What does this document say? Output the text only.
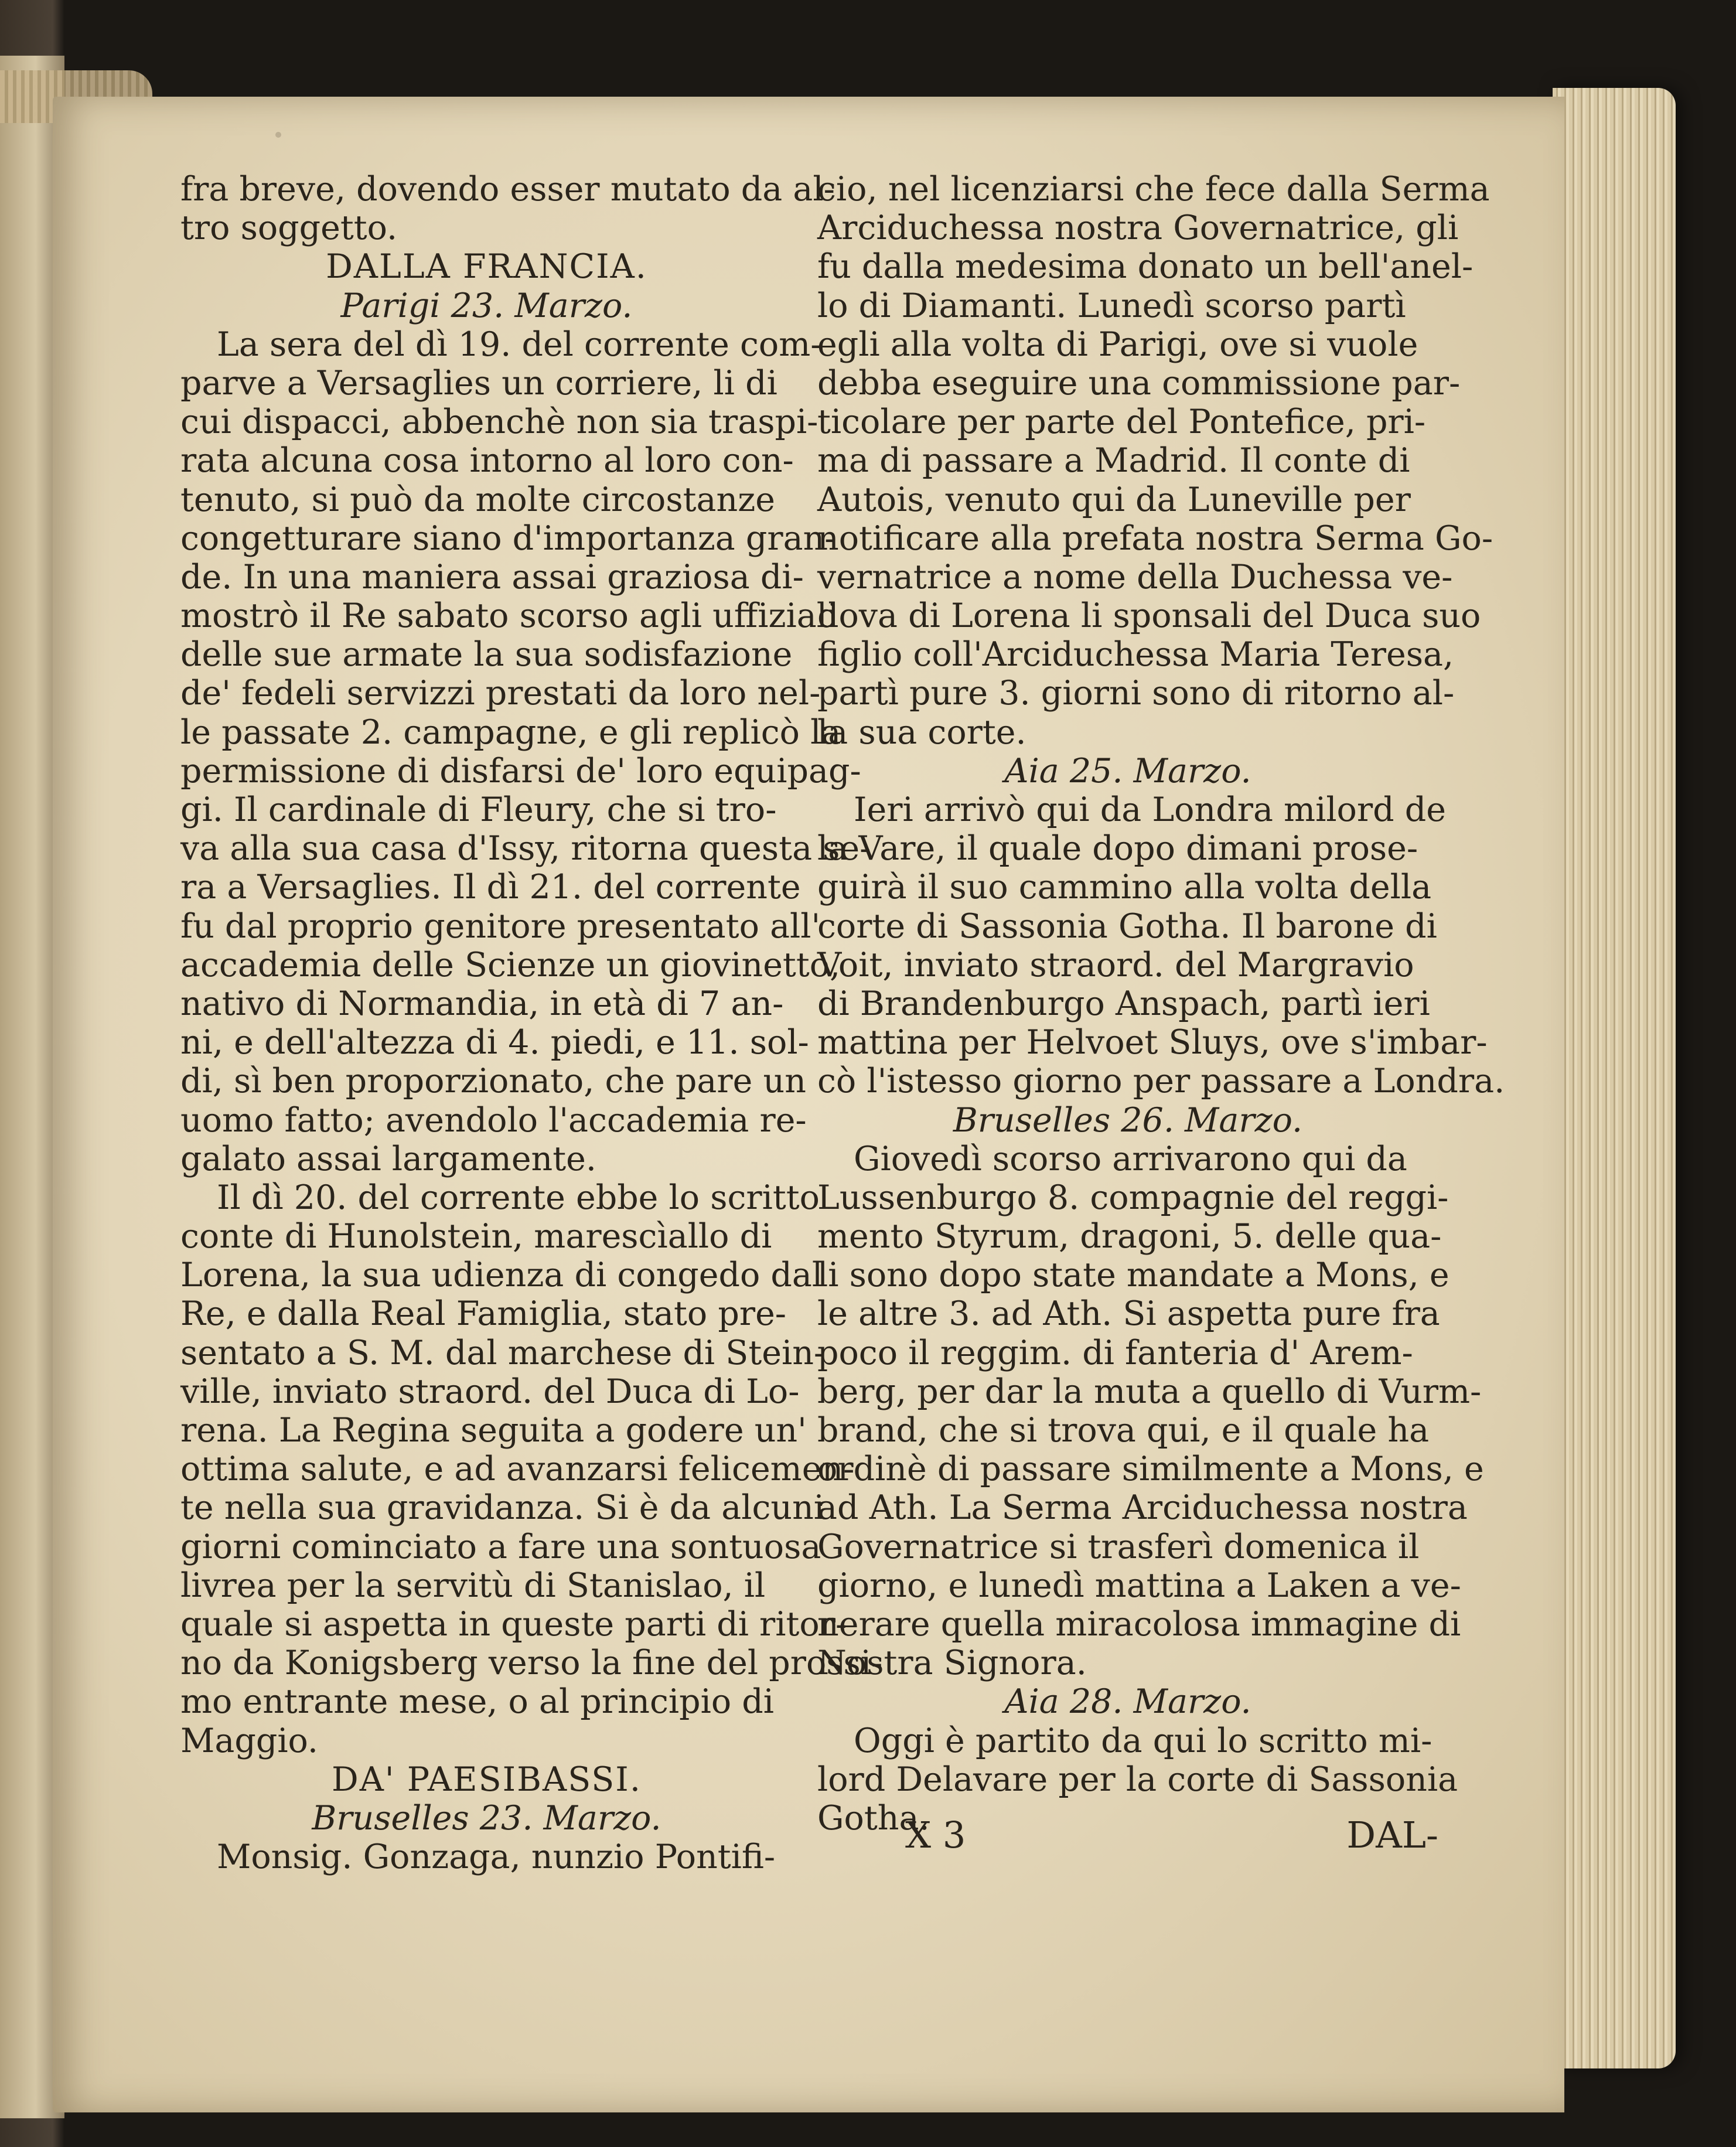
fra breve, dovendo esser mutato da al-
tro soggetto.
DALLA FRANCIA.
Parigi 23. Marzo.
La sera del dì 19. del corrente com-
parve a Versaglies un corriere, li di
cui dispacci, abbenchè non sia traspi-
rata alcuna cosa intorno al loro con-
tenuto, si può da molte circostanze
congetturare siano d'importanza gran-
de. In una maniera assai graziosa di-
mostrò il Re sabato scorso agli uffiziali
delle sue armate la sua sodisfazione
de' fedeli servizzi prestati da loro nel-
le passate 2. campagne, e gli replicò la
permissione di disfarsi de' loro equipag-
gi. Il cardinale di Fleury, che si tro-
va alla sua casa d'Issy, ritorna questa se-
ra a Versaglies. Il dì 21. del corrente
fu dal proprio genitore presentato all'
accademia delle Scienze un giovinetto,
nativo di Normandia, in età di 7 an-
ni, e dell'altezza di 4. piedi, e 11. sol-
di, sì ben proporzionato, che pare un
uomo fatto; avendolo l'accademia re-
galato assai largamente.
Il dì 20. del corrente ebbe lo scritto
conte di Hunolstein, marescìallo di
Lorena, la sua udienza di congedo dal
Re, e dalla Real Famiglia, stato pre-
sentato a S. M. dal marchese di Stein-
ville, inviato straord. del Duca di Lo-
rena. La Regina seguita a godere un'
ottima salute, e ad avanzarsi felicemen-
te nella sua gravidanza. Si è da alcuni
giorni cominciato a fare una sontuosa
livrea per la servitù di Stanislao, il
quale si aspetta in queste parti di ritor-
no da Konigsberg verso la fine del prossi-
mo entrante mese, o al principio di
Maggio.
DA' PAESIBASSI.
Bruselles 23. Marzo.
Monsig. Gonzaga, nunzio Pontifi-
cio, nel licenziarsi che fece dalla Serma
Arciduchessa nostra Governatrice, gli
fu dalla medesima donato un bell'anel-
lo di Diamanti. Lunedì scorso partì
egli alla volta di Parigi, ove si vuole
debba eseguire una commissione par-
ticolare per parte del Pontefice, pri-
ma di passare a Madrid. Il conte di
Autois, venuto qui da Luneville per
notificare alla prefata nostra Serma Go-
vernatrice a nome della Duchessa ve-
dova di Lorena li sponsali del Duca suo
figlio coll'Arciduchessa Maria Teresa,
partì pure 3. giorni sono di ritorno al-
la sua corte.
Aia 25. Marzo.
Ieri arrivò qui da Londra milord de
la Vare, il quale dopo dimani prose-
guirà il suo cammino alla volta della
corte di Sassonia Gotha. Il barone di
Voit, inviato straord. del Margravio
di Brandenburgo Anspach, partì ieri
mattina per Helvoet Sluys, ove s'imbar-
cò l'istesso giorno per passare a Londra.
Bruselles 26. Marzo.
Giovedì scorso arrivarono qui da
Lussenburgo 8. compagnie del reggi-
mento Styrum, dragoni, 5. delle qua-
li sono dopo state mandate a Mons, e
le altre 3. ad Ath. Si aspetta pure fra
poco il reggim. di fanteria d' Arem-
berg, per dar la muta a quello di Vurm-
brand, che si trova qui, e il quale ha
ordinè di passare similmente a Mons, e
ad Ath. La Serma Arciduchessa nostra
Governatrice si trasferì domenica il
giorno, e lunedì mattina a Laken a ve-
nerare quella miracolosa immagine di
Nostra Signora.
Aia 28. Marzo.
Oggi è partito da qui lo scritto mi-
lord Delavare per la corte di Sassonia
Gotha.
X 3	DAL-
